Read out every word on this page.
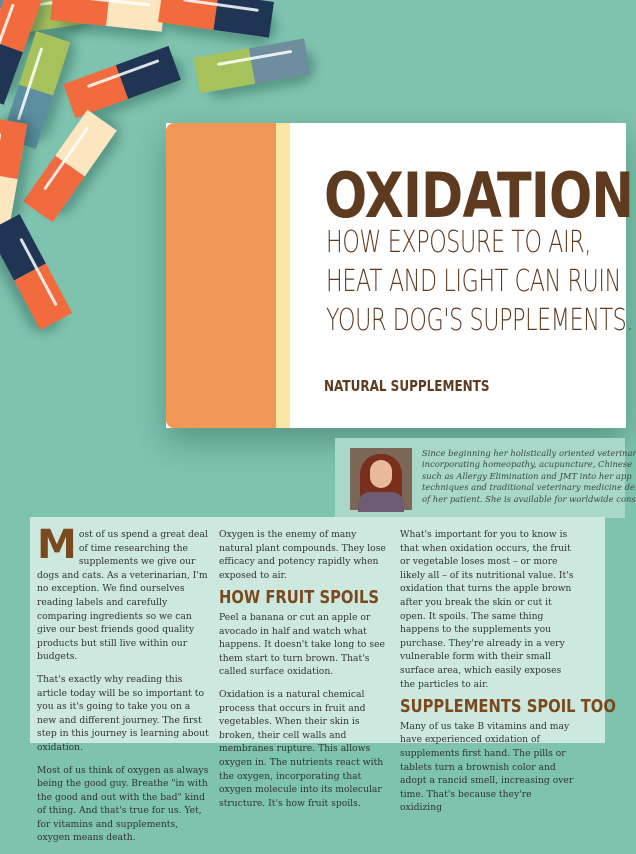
OXIDATION
HOW EXPOSURE TO AIR,
HEAT AND LIGHT CAN RUIN
YOUR DOG'S SUPPLEMENTS.
NATURAL SUPPLEMENTS
Since beginning her holistically oriented veterinar
incorporating homeopathy, acupuncture, Chinese
such as Allergy Elimination and JMT into her app
techniques and traditional veterinary medicine de
of her patient. She is available for worldwide cons

Most of us spend a great deal of time researching the supplements we give our dogs and cats. As a veterinarian, I'm no exception. We find ourselves reading labels and carefully comparing ingredients so we can give our best friends good quality products but still live within our budgets.

That's exactly why reading this article today will be so important to you as it's going to take you on a new and different journey. The first step in this journey is learning about oxidation.

Most of us think of oxygen as always being the good guy. Breathe "in with the good and out with the bad" kind of thing. And that's true for us. Yet, for vitamins and supplements, oxygen means death.

Oxygen is the enemy of many natural plant compounds. They lose efficacy and potency rapidly when exposed to air.

HOW FRUIT SPOILS

Peel a banana or cut an apple or avocado in half and watch what happens. It doesn't take long to see them start to turn brown. That's called surface oxidation.

Oxidation is a natural chemical process that occurs in fruit and vegetables. When their skin is broken, their cell walls and membranes rupture. This allows oxygen in. The nutrients react with the oxygen, incorporating that oxygen molecule into its molecular structure. It's how fruit spoils.

What's important for you to know is that when oxidation occurs, the fruit or vegetable loses most – or more likely all – of its nutritional value. It's oxidation that turns the apple brown after you break the skin or cut it open. It spoils. The same thing happens to the supplements you purchase. They're already in a very vulnerable form with their small surface area, which easily exposes the particles to air.

SUPPLEMENTS SPOIL TOO

Many of us take B vitamins and may have experienced oxidation of supplements first hand. The pills or tablets turn a brownish color and adopt a rancid smell, increasing over time. That's because they're oxidizing
